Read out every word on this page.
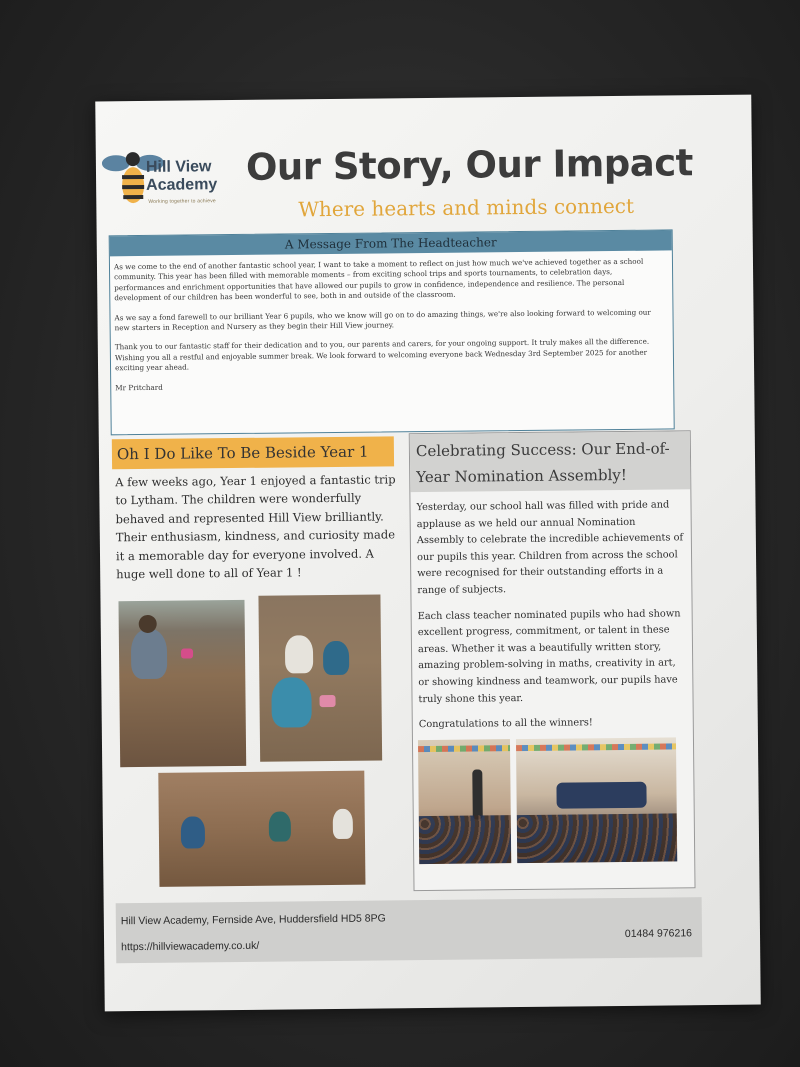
Hill View
Academy
Working together to achieve
Our Story, Our Impact
Where hearts and minds connect
A Message From The Headteacher

As we come to the end of another fantastic school year, I want to take a moment to reflect on just how much we've achieved together as a school community. This year has been filled with memorable moments – from exciting school trips and sports tournaments, to celebration days, performances and enrichment opportunities that have allowed our pupils to grow in confidence, independence and resilience. The personal development of our children has been wonderful to see, both in and outside of the classroom.

As we say a fond farewell to our brilliant Year 6 pupils, who we know will go on to do amazing things, we're also looking forward to welcoming our new starters in Reception and Nursery as they begin their Hill View journey.

Thank you to our fantastic staff for their dedication and to you, our parents and carers, for your ongoing support. It truly makes all the difference. Wishing you all a restful and enjoyable summer break. We look forward to welcoming everyone back Wednesday 3rd September 2025 for another exciting year ahead.

Mr Pritchard

Oh I Do Like To Be Beside Year 1
A few weeks ago, Year 1 enjoyed a fantastic trip to Lytham. The children were wonderfully behaved and represented Hill View brilliantly. Their enthusiasm, kindness, and curiosity made it a memorable day for everyone involved. A huge well done to all of Year 1 !
Celebrating Success: Our End-of-Year Nomination Assembly!

Yesterday, our school hall was filled with pride and applause as we held our annual Nomination Assembly to celebrate the incredible achievements of our pupils this year. Children from across the school were recognised for their outstanding efforts in a range of subjects.

Each class teacher nominated pupils who had shown excellent progress, commitment, or talent in these areas. Whether it was a beautifully written story, amazing problem-solving in maths, creativity in art, or showing kindness and teamwork, our pupils have truly shone this year.

Congratulations to all the winners!

Hill View Academy, Fernside Ave, Huddersfield HD5 8PG
https://hillviewacademy.co.uk/
01484 976216
